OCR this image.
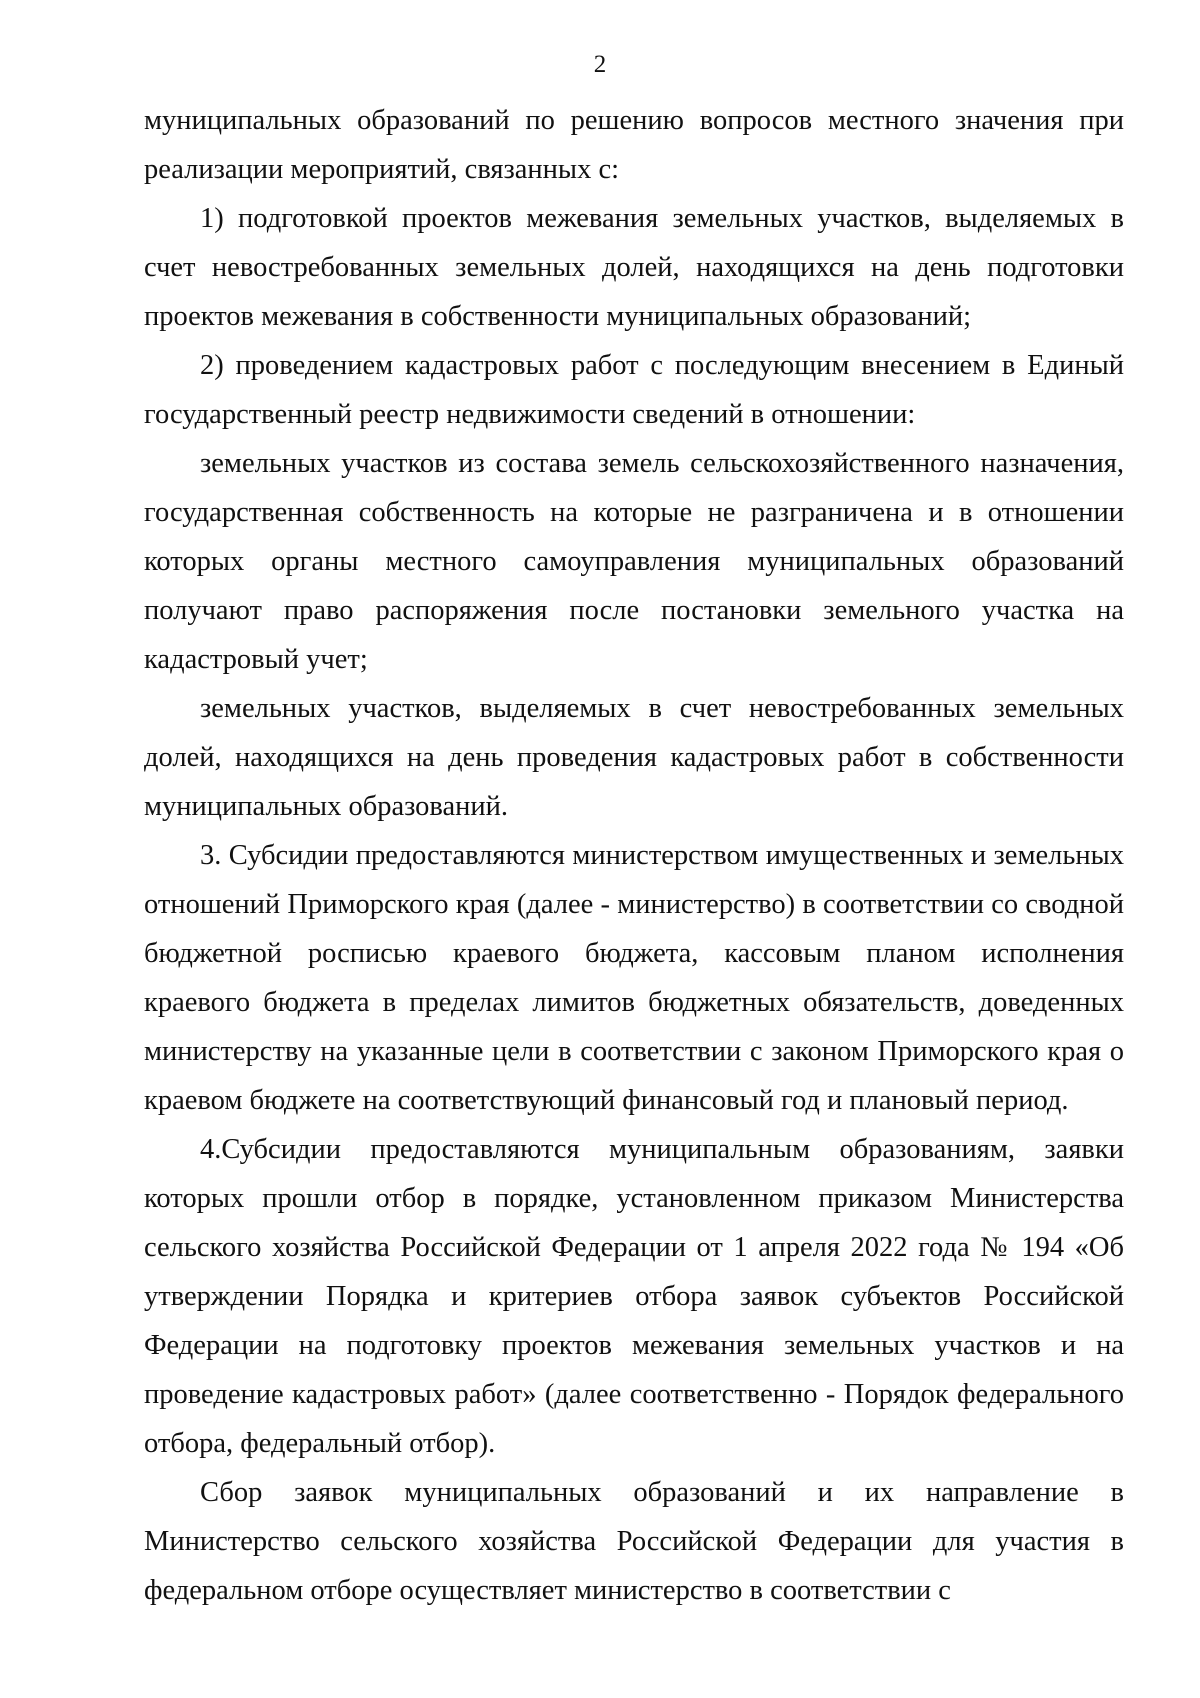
2

муниципальных образований по решению вопросов местного значения при реализации мероприятий, связанных с:

1) подготовкой проектов межевания земельных участков, выделяемых в счет невостребованных земельных долей, находящихся на день подготовки проектов межевания в собственности муниципальных образований;

2) проведением кадастровых работ с последующим внесением в Единый государственный реестр недвижимости сведений в отношении:

земельных участков из состава земель сельскохозяйственного назначения, государственная собственность на которые не разграничена и в отношении которых органы местного самоуправления муниципальных образований получают право распоряжения после постановки земельного участка на кадастровый учет;

земельных участков, выделяемых в счет невостребованных земельных долей, находящихся на день проведения кадастровых работ в собственности муниципальных образований.

3. Субсидии предоставляются министерством имущественных и земельных отношений Приморского края (далее - министерство) в соответствии со сводной бюджетной росписью краевого бюджета, кассовым планом исполнения краевого бюджета в пределах лимитов бюджетных обязательств, доведенных министерству на указанные цели в соответствии с законом Приморского края о краевом бюджете на соответствующий финансовый год и плановый период.

4.Субсидии предоставляются муниципальным образованиям, заявки которых прошли отбор в порядке, установленном приказом Министерства сельского хозяйства Российской Федерации от 1 апреля 2022 года № 194 «Об утверждении Порядка и критериев отбора заявок субъектов Российской Федерации на подготовку проектов межевания земельных участков и на проведение кадастровых работ» (далее соответственно - Порядок федерального отбора, федеральный отбор).

Сбор заявок муниципальных образований и их направление в Министерство сельского хозяйства Российской Федерации для участия в федеральном отборе осуществляет министерство в соответствии с
